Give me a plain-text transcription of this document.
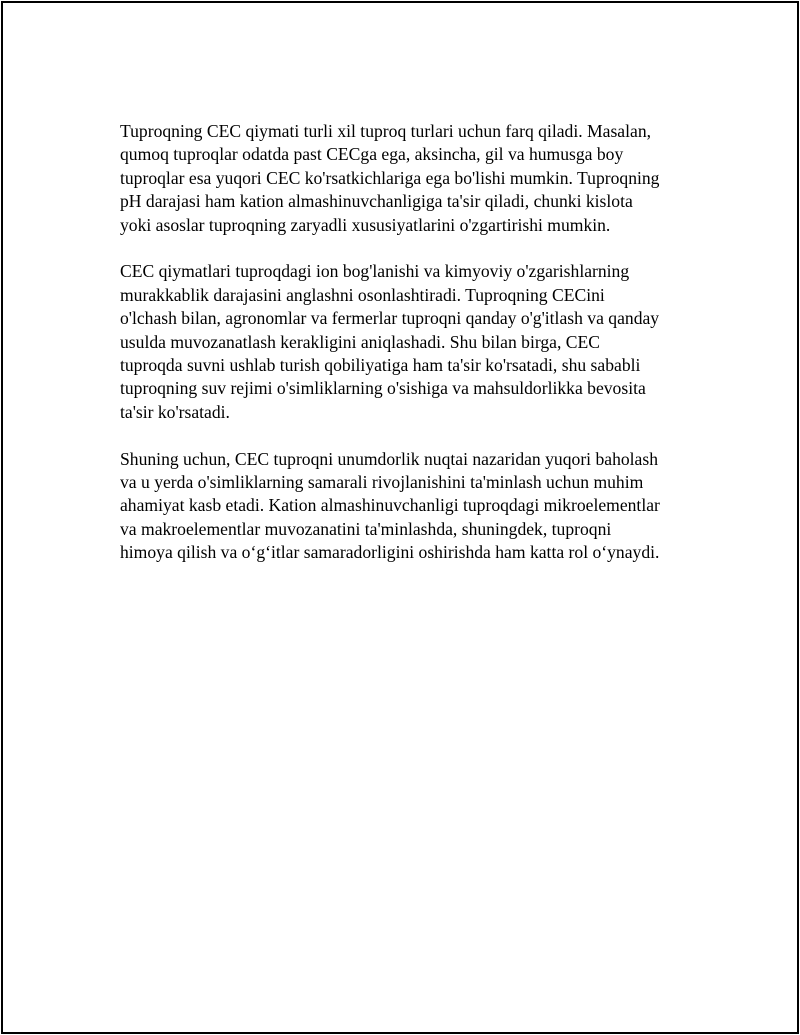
Tuproqning CEC qiymati turli xil tuproq turlari uchun farq qiladi. Masalan,
qumoq tuproqlar odatda past CECga ega, aksincha, gil va humusga boy
tuproqlar esa yuqori CEC ko'rsatkichlariga ega bo'lishi mumkin. Tuproqning
pH darajasi ham kation almashinuvchanligiga ta'sir qiladi, chunki kislota
yoki asoslar tuproqning zaryadli xususiyatlarini o'zgartirishi mumkin.

CEC qiymatlari tuproqdagi ion bog'lanishi va kimyoviy o'zgarishlarning
murakkablik darajasini anglashni osonlashtiradi. Tuproqning CECini
o'lchash bilan, agronomlar va fermerlar tuproqni qanday o'g'itlash va qanday
usulda muvozanatlash kerakligini aniqlashadi. Shu bilan birga, CEC
tuproqda suvni ushlab turish qobiliyatiga ham ta'sir ko'rsatadi, shu sababli
tuproqning suv rejimi o'simliklarning o'sishiga va mahsuldorlikka bevosita
ta'sir ko'rsatadi.

Shuning uchun, CEC tuproqni unumdorlik nuqtai nazaridan yuqori baholash
va u yerda o'simliklarning samarali rivojlanishini ta'minlash uchun muhim
ahamiyat kasb etadi. Kation almashinuvchanligi tuproqdagi mikroelementlar
va makroelementlar muvozanatini ta'minlashda, shuningdek, tuproqni
himoya qilish va o‘g‘itlar samaradorligini oshirishda ham katta rol o‘ynaydi.
